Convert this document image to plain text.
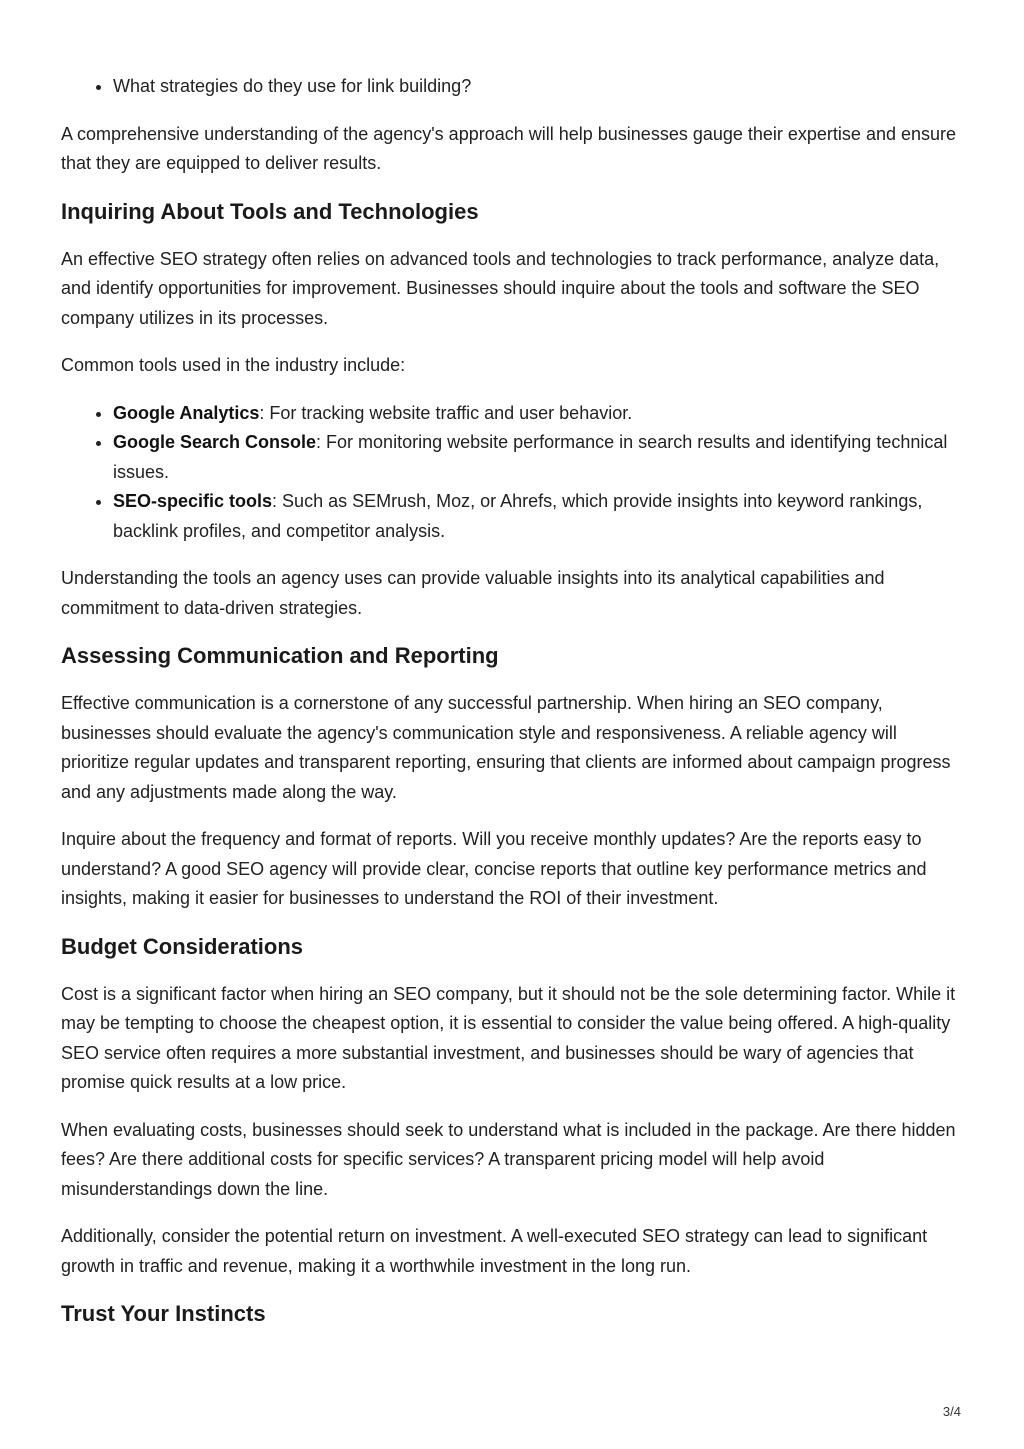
• What strategies do they use for link building?

A comprehensive understanding of the agency's approach will help businesses gauge their expertise and ensure that they are equipped to deliver results.

Inquiring About Tools and Technologies

An effective SEO strategy often relies on advanced tools and technologies to track performance, analyze data, and identify opportunities for improvement. Businesses should inquire about the tools and software the SEO company utilizes in its processes.

Common tools used in the industry include:

• Google Analytics: For tracking website traffic and user behavior.
• Google Search Console: For monitoring website performance in search results and identifying technical issues.
• SEO-specific tools: Such as SEMrush, Moz, or Ahrefs, which provide insights into keyword rankings, backlink profiles, and competitor analysis.

Understanding the tools an agency uses can provide valuable insights into its analytical capabilities and commitment to data-driven strategies.

Assessing Communication and Reporting

Effective communication is a cornerstone of any successful partnership. When hiring an SEO company, businesses should evaluate the agency's communication style and responsiveness. A reliable agency will prioritize regular updates and transparent reporting, ensuring that clients are informed about campaign progress and any adjustments made along the way.

Inquire about the frequency and format of reports. Will you receive monthly updates? Are the reports easy to understand? A good SEO agency will provide clear, concise reports that outline key performance metrics and insights, making it easier for businesses to understand the ROI of their investment.

Budget Considerations

Cost is a significant factor when hiring an SEO company, but it should not be the sole determining factor. While it may be tempting to choose the cheapest option, it is essential to consider the value being offered. A high-quality SEO service often requires a more substantial investment, and businesses should be wary of agencies that promise quick results at a low price.

When evaluating costs, businesses should seek to understand what is included in the package. Are there hidden fees? Are there additional costs for specific services? A transparent pricing model will help avoid misunderstandings down the line.

Additionally, consider the potential return on investment. A well-executed SEO strategy can lead to significant growth in traffic and revenue, making it a worthwhile investment in the long run.

Trust Your Instincts
3/4
